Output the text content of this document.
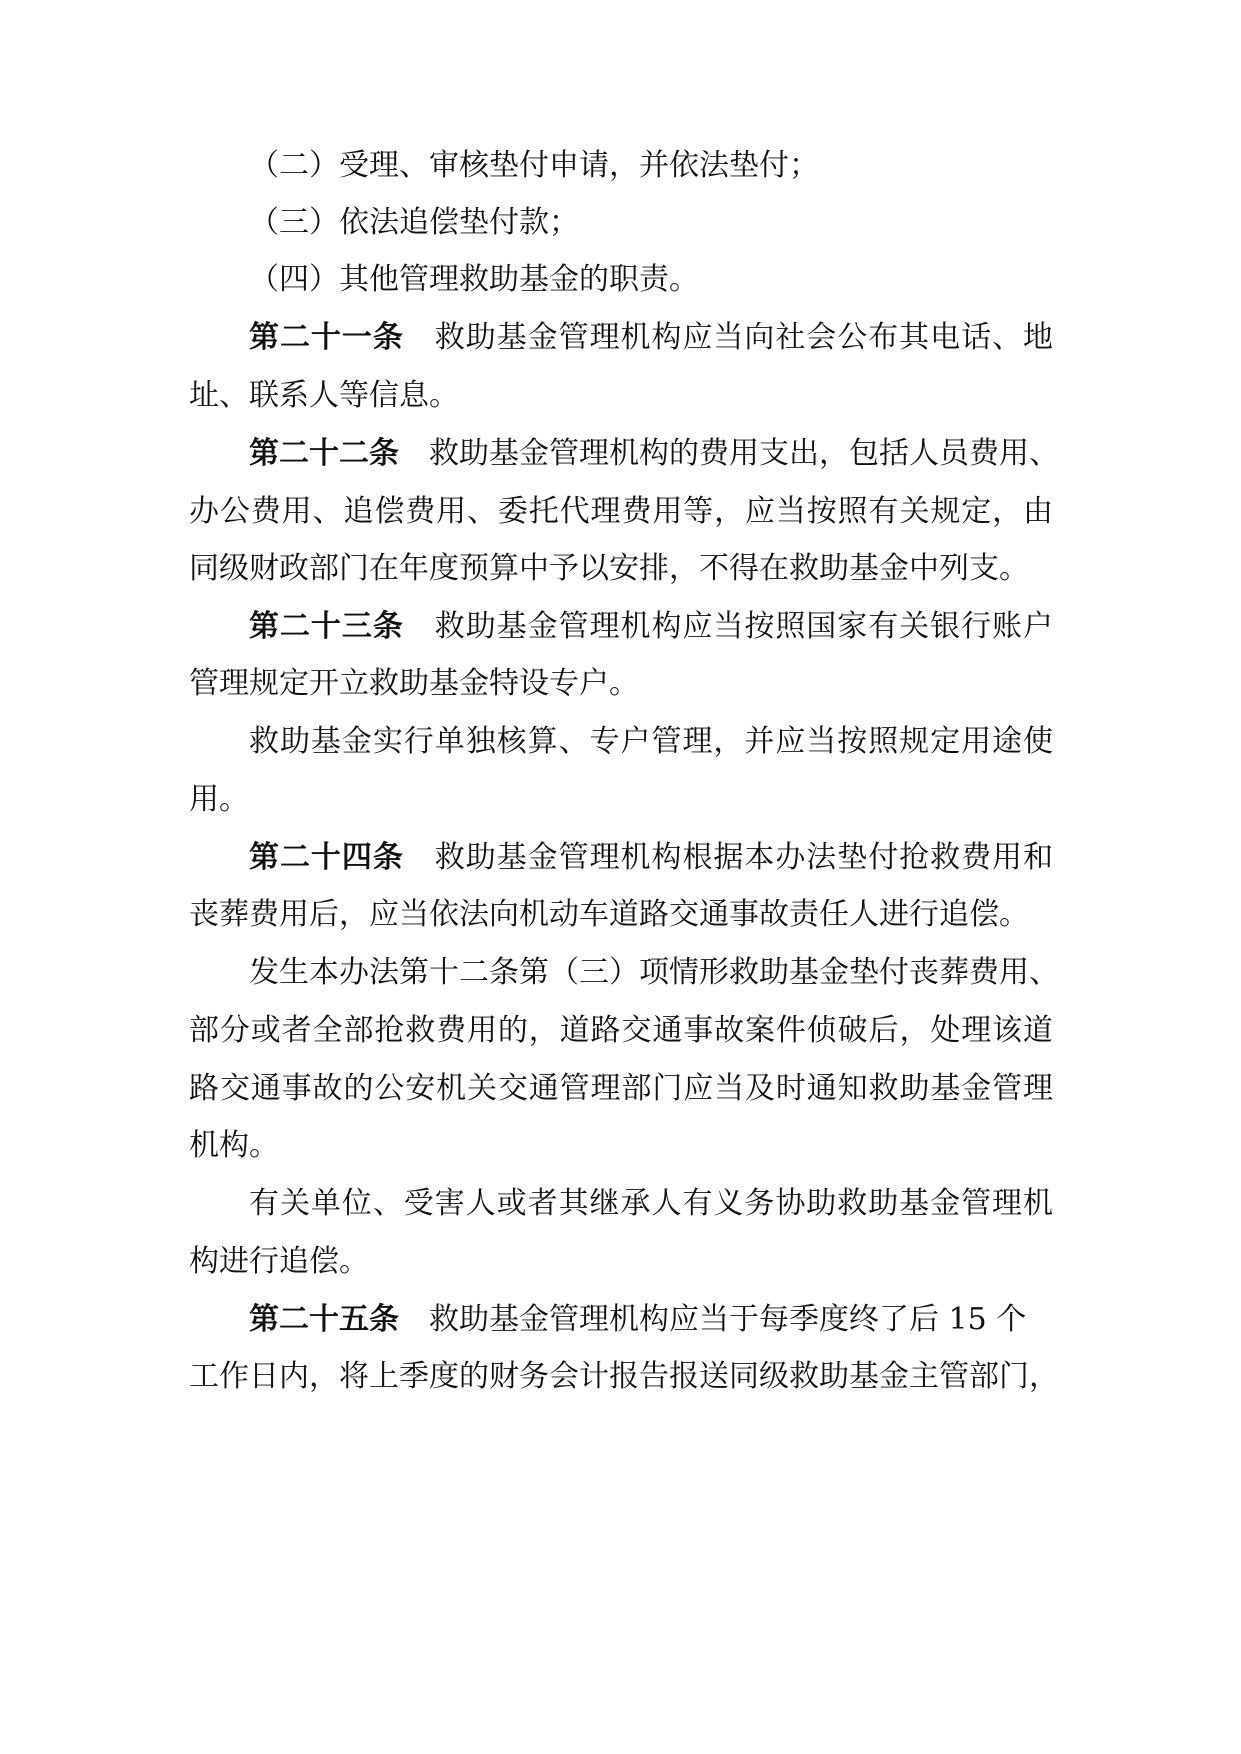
（二）受理、审核垫付申请，并依法垫付；
（三）依法追偿垫付款；
（四）其他管理救助基金的职责。
第二十一条 救助基金管理机构应当向社会公布其电话、地
址、联系人等信息。
第二十二条 救助基金管理机构的费用支出，包括人员费用、
办公费用、追偿费用、委托代理费用等，应当按照有关规定，由
同级财政部门在年度预算中予以安排，不得在救助基金中列支。
第二十三条 救助基金管理机构应当按照国家有关银行账户
管理规定开立救助基金特设专户。
救助基金实行单独核算、专户管理，并应当按照规定用途使
用。
第二十四条 救助基金管理机构根据本办法垫付抢救费用和
丧葬费用后，应当依法向机动车道路交通事故责任人进行追偿。
发生本办法第十二条第（三）项情形救助基金垫付丧葬费用、
部分或者全部抢救费用的，道路交通事故案件侦破后，处理该道
路交通事故的公安机关交通管理部门应当及时通知救助基金管理
机构。
有关单位、受害人或者其继承人有义务协助救助基金管理机
构进行追偿。
第二十五条 救助基金管理机构应当于每季度终了后 15 个
工作日内，将上季度的财务会计报告报送同级救助基金主管部门，
